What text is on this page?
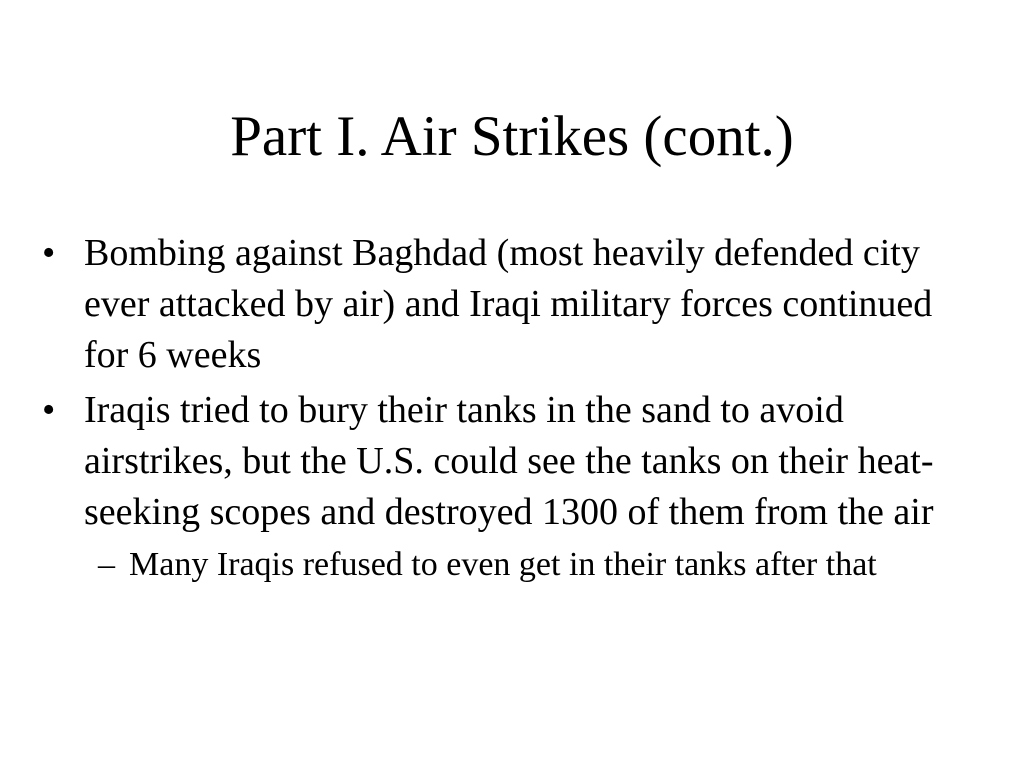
Part I. Air Strikes (cont.)
• Bombing against Baghdad (most heavily defended city ever attacked by air) and Iraqi military forces continued for 6 weeks
• Iraqis tried to bury their tanks in the sand to avoid airstrikes, but the U.S. could see the tanks on their heat-seeking scopes and destroyed 1300 of them from the air
– Many Iraqis refused to even get in their tanks after that
